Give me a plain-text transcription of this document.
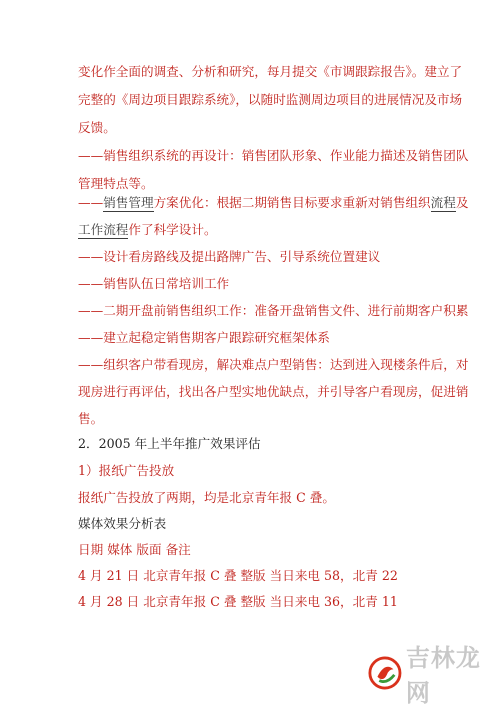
变化作全面的调查、分析和研究，每月提交《市调跟踪报告》。建立了
完整的《周边项目跟踪系统》，以随时监测周边项目的进展情况及市场
反馈。
——销售组织系统的再设计：销售团队形象、作业能力描述及销售团队
管理特点等。
——销售管理方案优化：根据二期销售目标要求重新对销售组织流程及
工作流程作了科学设计。
——设计看房路线及提出路牌广告、引导系统位置建议
——销售队伍日常培训工作
——二期开盘前销售组织工作：准备开盘销售文件、进行前期客户积累
——建立起稳定销售期客户跟踪研究框架体系
——组织客户带看现房，解决难点户型销售：达到进入现楼条件后，对
现房进行再评估，找出各户型实地优缺点，并引导客户看现房，促进销
售。
2．2005 年上半年推广效果评估
1）报纸广告投放
报纸广告投放了两期，均是北京青年报 C 叠。
媒体效果分析表
日期 媒体 版面 备注
4 月 21 日 北京青年报 C 叠 整版 当日来电 58，北青 22
4 月 28 日 北京青年报 C 叠 整版 当日来电 36，北青 11
吉林龙网
